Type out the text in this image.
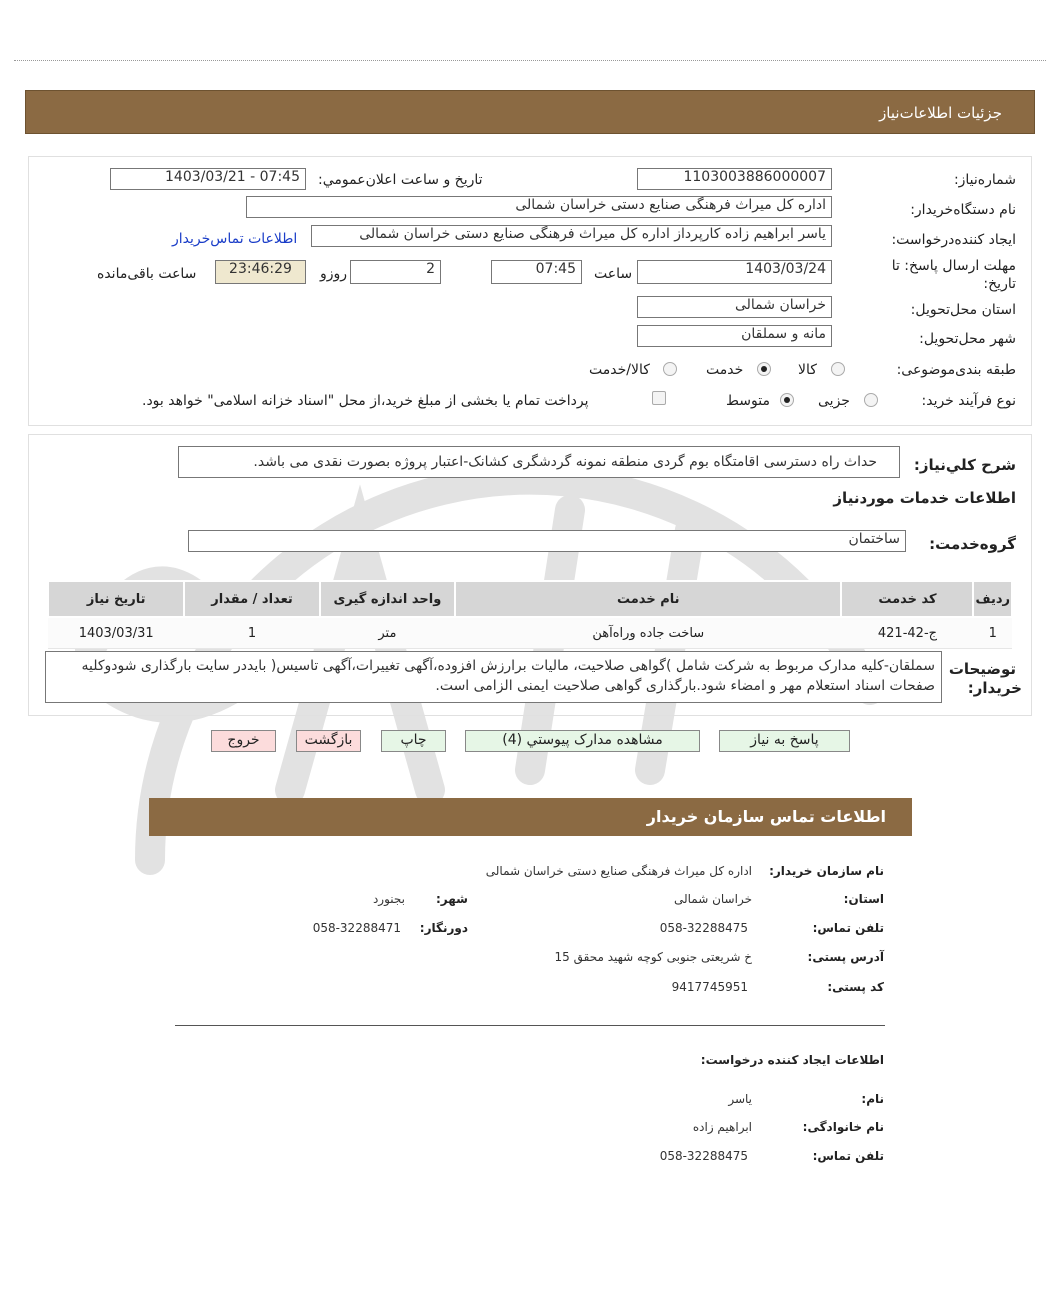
جزئیات اطلاعات‌نیاز
شماره‌نیاز:
1103003886000007
تاریخ و ساعت اعلان‌عمومي:
1403/03/21 - 07:45
نام دستگاه‌خریدار:
اداره کل میراث فرهنگی صنایع دستی خراسان شمالی
ایجاد کننده‌درخواست:
یاسر ابراهیم زاده کارپرداز اداره کل میراث فرهنگی صنایع دستی خراسان شمالی
اطلاعات تماس‌خریدار
مهلت ارسال پاسخ: تا
تاریخ:
1403/03/24
ساعت
07:45
2
روزو
23:46:29
ساعت باقی‌مانده
استان محل‌تحویل:
خراسان شمالی
شهر محل‌تحویل:
مانه و سملقان
طبقه بندی‌موضوعی:
کالا
خدمت
کالا/خدمت
نوع فرآیند خرید:
جزیی
متوسط
پرداخت تمام یا بخشی از مبلغ خرید،از محل "اسناد خزانه اسلامی" خواهد بود.
شرح کلي‌نیاز:
حداث راه دسترسی اقامتگاه بوم گردی منطقه نمونه گردشگری کشانک-اعتبار پروژه بصورت نقدی می باشد.
اطلاعات خدمات موردنیاز
گروه‌خدمت:
ساختمان
ردیف	کد خدمت	نام خدمت	واحد اندازه گیری	تعداد / مقدار	تاریخ نیاز
1	ج-42-421	ساخت جاده وراه‌آهن	متر	1	1403/03/31
توضیحات
خریدار:
سملقان-کلیه مدارک مربوط به شرکت شامل )گواهی صلاحیت، مالیات برارزش افزوده،آگهی تغییرات،آگهی تاسیس( بایددر سایت بارگذاری شودوکلیه صفحات اسناد استعلام مهر و امضاء شود.بارگذاری گواهی صلاحیت ایمنی الزامی است.
پاسخ به نیاز
مشاهده مدارک پیوستي (4)
چاپ
بازگشت
خروج
اطلاعات تماس سازمان خریدار
نام سازمان خریدار:
اداره کل میراث فرهنگی صنایع دستی خراسان شمالی
استان:
خراسان شمالی
شهر:
بجنورد
تلفن تماس:
058-32288475
دورنگار:
058-32288471
آدرس پستی:
خ شریعتی جنوبی کوچه شهید محقق 15
کد پستی:
9417745951
اطلاعات ایجاد کننده درخواست:
نام:
یاسر
نام خانوادگی:
ابراهیم زاده
تلفن تماس:
058-32288475
